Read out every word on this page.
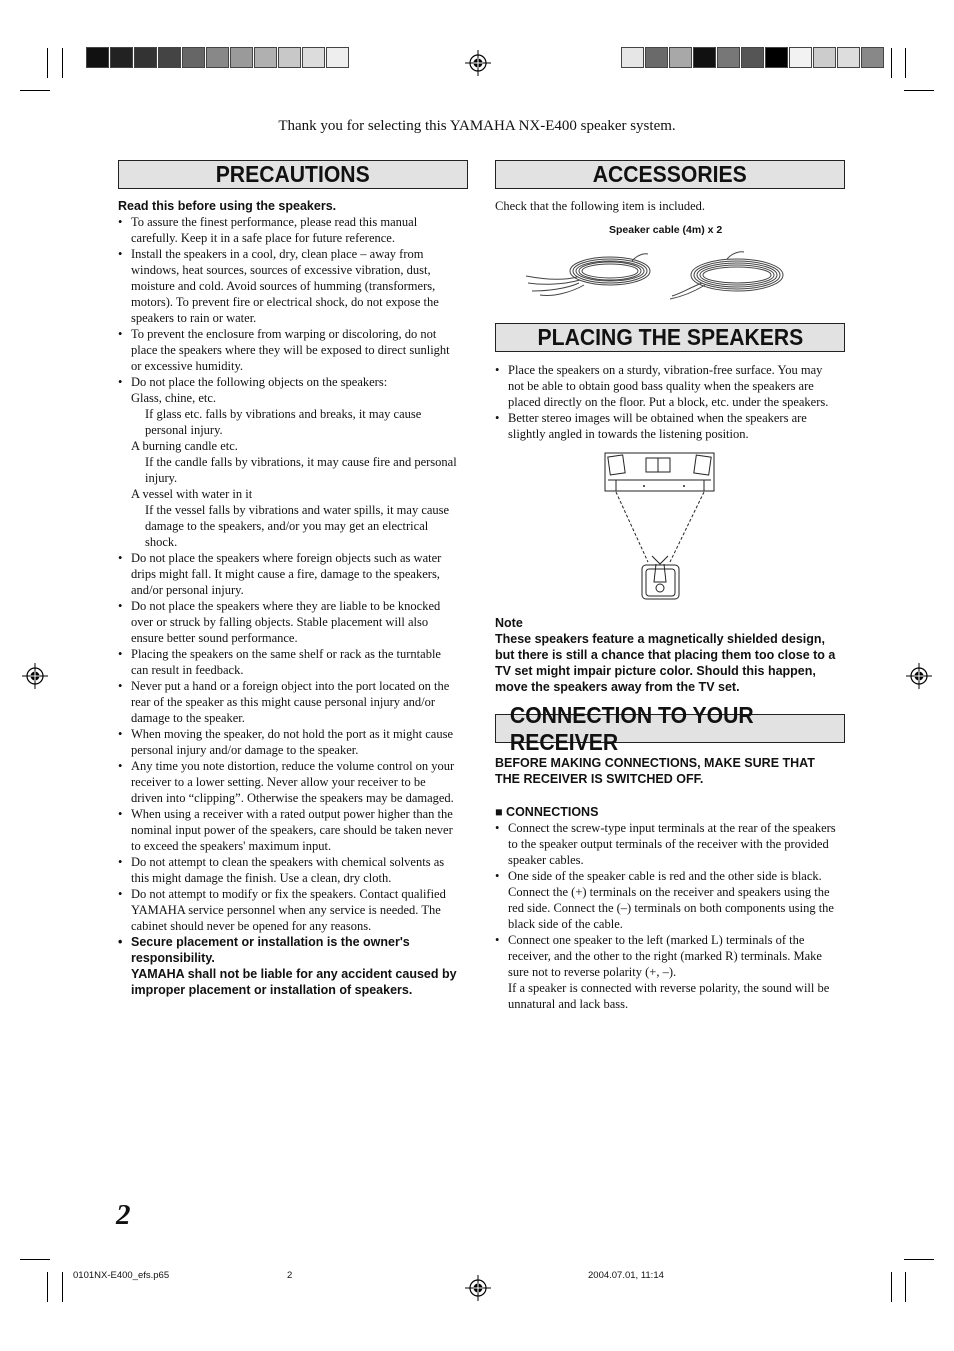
Thank you for selecting this YAMAHA NX-E400 speaker system.
PRECAUTIONS

Read this before using the speakers.

• To assure the finest performance, please read this manual
carefully. Keep it in a safe place for future reference.
• Install the speakers in a cool, dry, clean place – away from
windows, heat sources, sources of excessive vibration, dust,
moisture and cold. Avoid sources of humming (transformers,
motors). To prevent fire or electrical shock, do not expose the
speakers to rain or water.
• To prevent the enclosure from warping or discoloring, do not
place the speakers where they will be exposed to direct sunlight
or excessive humidity.
• Do not place the following objects on the speakers:
Glass, chine, etc.
If glass etc. falls by vibrations and breaks, it may cause
personal injury.
A burning candle etc.
If the candle falls by vibrations, it may cause fire and personal
injury.
A vessel with water in it
If the vessel falls by vibrations and water spills, it may cause
damage to the speakers, and/or you may get an electrical
shock.
• Do not place the speakers where foreign objects such as water
drips might fall. It might cause a fire, damage to the speakers,
and/or personal injury.
• Do not place the speakers where they are liable to be knocked
over or struck by falling objects. Stable placement will also
ensure better sound performance.
• Placing the speakers on the same shelf or rack as the turntable
can result in feedback.
• Never put a hand or a foreign object into the port located on the
rear of the speaker as this might cause personal injury and/or
damage to the speaker.
• When moving the speaker, do not hold the port as it might cause
personal injury and/or damage to the speaker.
• Any time you note distortion, reduce the volume control on your
receiver to a lower setting. Never allow your receiver to be
driven into “clipping”. Otherwise the speakers may be damaged.
• When using a receiver with a rated output power higher than the
nominal input power of the speakers, care should be taken never
to exceed the speakers' maximum input.
• Do not attempt to clean the speakers with chemical solvents as
this might damage the finish. Use a clean, dry cloth.
• Do not attempt to modify or fix the speakers. Contact qualified
YAMAHA service personnel when any service is needed. The
cabinet should never be opened for any reasons.
• Secure placement or installation is the owner's
responsibility.
YAMAHA shall not be liable for any accident caused by
improper placement or installation of speakers.
ACCESSORIES
Check that the following item is included.
Speaker cable (4m) x 2
PLACING THE SPEAKERS
• Place the speakers on a sturdy, vibration-free surface. You may
not be able to obtain good bass quality when the speakers are
placed directly on the floor. Put a block, etc. under the speakers.
• Better stereo images will be obtained when the speakers are
slightly angled in towards the listening position.

Note

These speakers feature a magnetically shielded design,
but there is still a chance that placing them too close to a
TV set might impair picture color. Should this happen,
move the speakers away from the TV set.
CONNECTION TO YOUR RECEIVER
BEFORE MAKING CONNECTIONS, MAKE SURE THAT
THE RECEIVER IS SWITCHED OFF.
■ CONNECTIONS
• Connect the screw-type input terminals at the rear of the speakers
to the speaker output terminals of the receiver with the provided
speaker cables.
• One side of the speaker cable is red and the other side is black.
Connect the (+) terminals on the receiver and speakers using the
red side. Connect the (–) terminals on both components using the
black side of the cable.
• Connect one speaker to the left (marked L) terminals of the
receiver, and the other to the right (marked R) terminals. Make
sure not to reverse polarity (+, –).
If a speaker is connected with reverse polarity, the sound will be
unnatural and lack bass.
2
0101NX-E400_efs.p65	2	2004.07.01, 11:14
